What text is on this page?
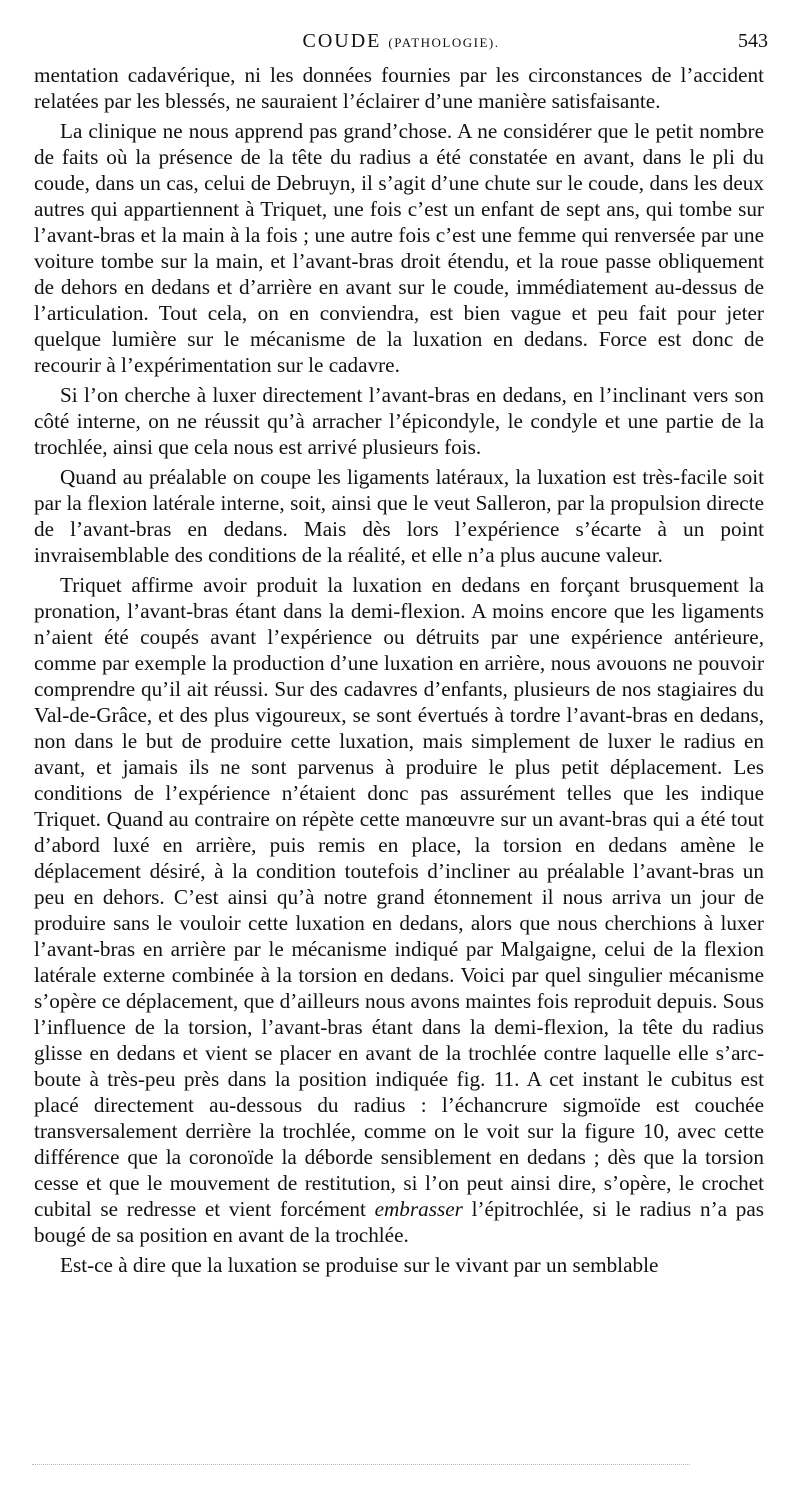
COUDE (PATHOLOGIE).	543

mentation cadavérique, ni les données fournies par les circonstances de l’accident relatées par les blessés, ne sauraient l’éclairer d’une manière satisfaisante.

La clinique ne nous apprend pas grand’chose. A ne considérer que le petit nombre de faits où la présence de la tête du radius a été constatée en avant, dans le pli du coude, dans un cas, celui de Debruyn, il s’agit d’une chute sur le coude, dans les deux autres qui appartiennent à Triquet, une fois c’est un enfant de sept ans, qui tombe sur l’avant-bras et la main à la fois ; une autre fois c’est une femme qui renversée par une voiture tombe sur la main, et l’avant-bras droit étendu, et la roue passe obliquement de dehors en dedans et d’arrière en avant sur le coude, immédiatement au-dessus de l’articulation. Tout cela, on en conviendra, est bien vague et peu fait pour jeter quelque lumière sur le mécanisme de la luxation en dedans. Force est donc de recourir à l’expérimentation sur le cadavre.

Si l’on cherche à luxer directement l’avant-bras en dedans, en l’inclinant vers son côté interne, on ne réussit qu’à arracher l’épicondyle, le condyle et une partie de la trochlée, ainsi que cela nous est arrivé plusieurs fois.

Quand au préalable on coupe les ligaments latéraux, la luxation est très-facile soit par la flexion latérale interne, soit, ainsi que le veut Salleron, par la propulsion directe de l’avant-bras en dedans. Mais dès lors l’expérience s’écarte à un point invraisemblable des conditions de la réalité, et elle n’a plus aucune valeur.

Triquet affirme avoir produit la luxation en dedans en forçant brusquement la pronation, l’avant-bras étant dans la demi-flexion. A moins encore que les ligaments n’aient été coupés avant l’expérience ou détruits par une expérience antérieure, comme par exemple la production d’une luxation en arrière, nous avouons ne pouvoir comprendre qu’il ait réussi. Sur des cadavres d’enfants, plusieurs de nos stagiaires du Val-de-Grâce, et des plus vigoureux, se sont évertués à tordre l’avant-bras en dedans, non dans le but de produire cette luxation, mais simplement de luxer le radius en avant, et jamais ils ne sont parvenus à produire le plus petit déplacement. Les conditions de l’expérience n’étaient donc pas assurément telles que les indique Triquet. Quand au contraire on répète cette manœuvre sur un avant-bras qui a été tout d’abord luxé en arrière, puis remis en place, la torsion en dedans amène le déplacement désiré, à la condition toutefois d’incliner au préalable l’avant-bras un peu en dehors. C’est ainsi qu’à notre grand étonnement il nous arriva un jour de produire sans le vouloir cette luxation en dedans, alors que nous cherchions à luxer l’avant-bras en arrière par le mécanisme indiqué par Malgaigne, celui de la flexion latérale externe combinée à la torsion en dedans. Voici par quel singulier mécanisme s’opère ce déplacement, que d’ailleurs nous avons maintes fois reproduit depuis. Sous l’influence de la torsion, l’avant-bras étant dans la demi-flexion, la tête du radius glisse en dedans et vient se placer en avant de la trochlée contre laquelle elle s’arc-boute à très-peu près dans la position indiquée fig. 11. A cet instant le cubitus est placé directement au-dessous du radius : l’échancrure sigmoïde est couchée transversalement derrière la trochlée, comme on le voit sur la figure 10, avec cette différence que la coronoïde la déborde sensiblement en dedans ; dès que la torsion cesse et que le mouvement de restitution, si l’on peut ainsi dire, s’opère, le crochet cubital se redresse et vient forcément embrasser l’épitrochlée, si le radius n’a pas bougé de sa position en avant de la trochlée.

Est-ce à dire que la luxation se produise sur le vivant par un semblable
